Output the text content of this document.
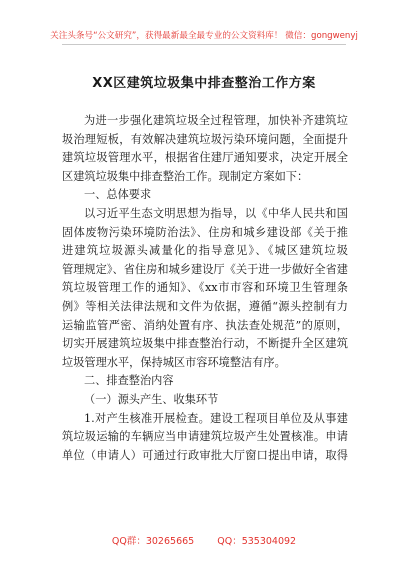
关注头条号“公文研究”，获得最新最全最专业的公文资料库！ 微信：gongwenyj
XX区建筑垃圾集中排查整治工作方案
为进一步强化建筑垃圾全过程管理，加快补齐建筑垃
圾治理短板，有效解决建筑垃圾污染环境问题，全面提升
建筑垃圾管理水平，根据省住建厅通知要求，决定开展全
区建筑垃圾集中排查整治工作。现制定方案如下：
一、总体要求
以习近平生态文明思想为指导，以《中华人民共和国
固体废物污染环境防治法》、住房和城乡建设部《关于推
进建筑垃圾源头减量化的指导意见》、《城区建筑垃圾
管理规定》、省住房和城乡建设厅《关于进一步做好全省建
筑垃圾管理工作的通知》、《xx市市容和环境卫生管理条
例》等相关法律法规和文件为依据，遵循“源头控制有力
运输监管严密、消纳处置有序、执法查处规范”的原则，
切实开展建筑垃圾集中排查整治行动，不断提升全区建筑
垃圾管理水平，保持城区市容环境整洁有序。
二、排查整治内容
（一）源头产生、收集环节
1.对产生核准开展检查。建设工程项目单位及从事建
筑垃圾运输的车辆应当申请建筑垃圾产生处置核准。申请
单位（申请人）可通过行政审批大厅窗口提出申请，取得
QQ群：30265665 QQ：535304092
